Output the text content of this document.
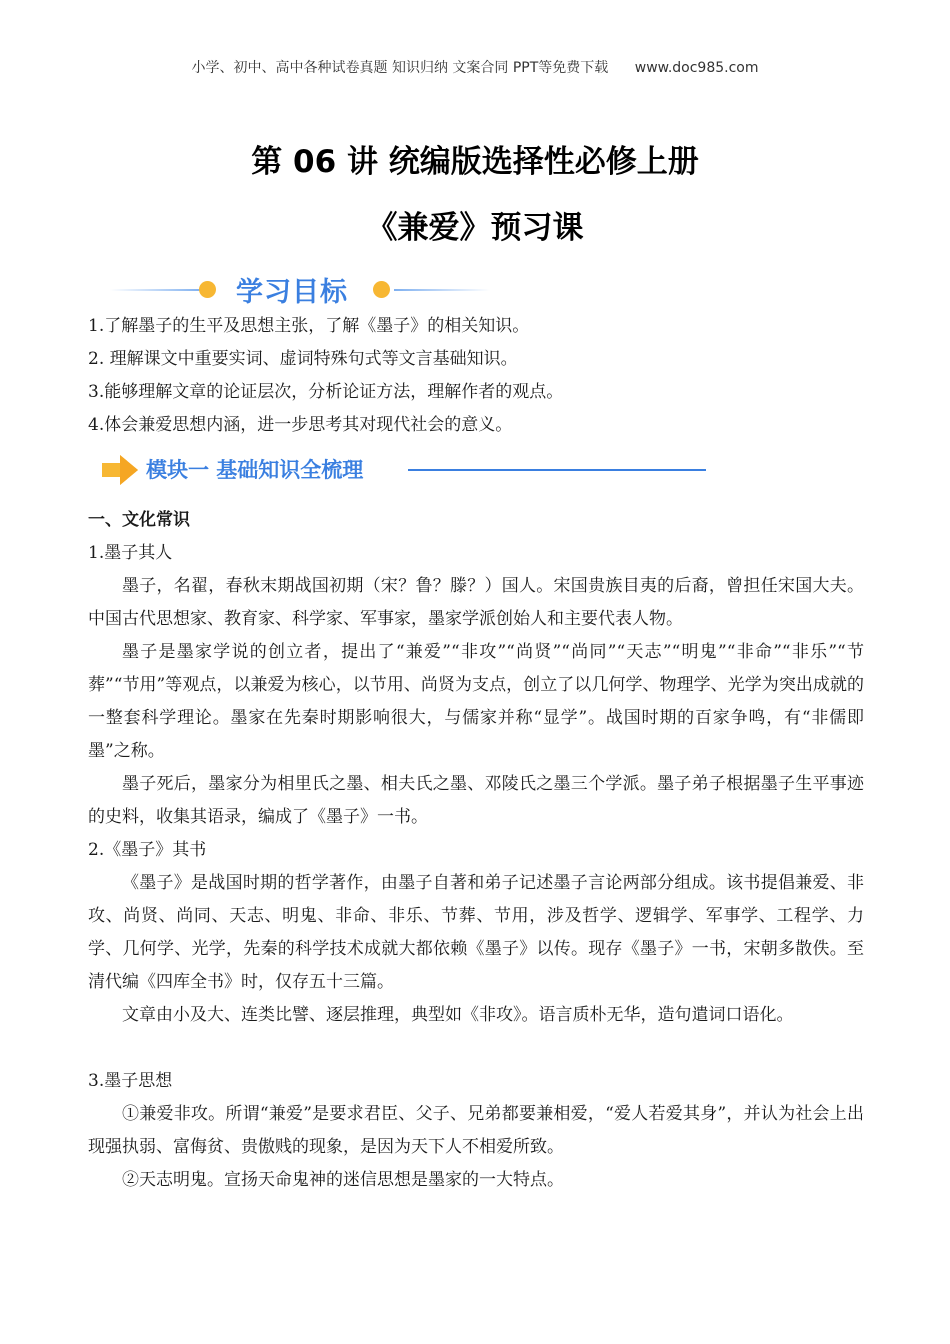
小学、初中、高中各种试卷真题 知识归纳 文案合同 PPT等免费下载 www.doc985.com
第 06 讲 统编版选择性必修上册
《兼爱》预习课
学习目标

1.了解墨子的生平及思想主张，了解《墨子》的相关知识。

2. 理解课文中重要实词、虚词特殊句式等文言基础知识。

3.能够理解文章的论证层次，分析论证方法，理解作者的观点。

4.体会兼爱思想内涵，进一步思考其对现代社会的意义。

模块一 基础知识全梳理

一、文化常识

1.墨子其人

墨子，名翟，春秋末期战国初期（宋？鲁？滕？）国人。宋国贵族目夷的后裔，曾担任宋国大夫。中国古代思想家、教育家、科学家、军事家，墨家学派创始人和主要代表人物。

墨子是墨家学说的创立者，提出了“兼爱”“非攻”“尚贤”“尚同”“天志”“明鬼”“非命”“非乐”“节葬”“节用”等观点，以兼爱为核心，以节用、尚贤为支点，创立了以几何学、物理学、光学为突出成就的一整套科学理论。墨家在先秦时期影响很大，与儒家并称“显学”。战国时期的百家争鸣，有“非儒即墨”之称。

墨子死后，墨家分为相里氏之墨、相夫氏之墨、邓陵氏之墨三个学派。墨子弟子根据墨子生平事迹的史料，收集其语录，编成了《墨子》一书。

2.《墨子》其书

《墨子》是战国时期的哲学著作，由墨子自著和弟子记述墨子言论两部分组成。该书提倡兼爱、非攻、尚贤、尚同、天志、明鬼、非命、非乐、节葬、节用，涉及哲学、逻辑学、军事学、工程学、力学、几何学、光学，先秦的科学技术成就大都依赖《墨子》以传。现存《墨子》一书，宋朝多散佚。至清代编《四库全书》时，仅存五十三篇。

文章由小及大、连类比譬、逐层推理，典型如《非攻》。语言质朴无华，造句遣词口语化。

3.墨子思想

①兼爱非攻。所谓“兼爱”是要求君臣、父子、兄弟都要兼相爱，“爱人若爱其身”，并认为社会上出现强执弱、富侮贫、贵傲贱的现象，是因为天下人不相爱所致。

②天志明鬼。宣扬天命鬼神的迷信思想是墨家的一大特点。
